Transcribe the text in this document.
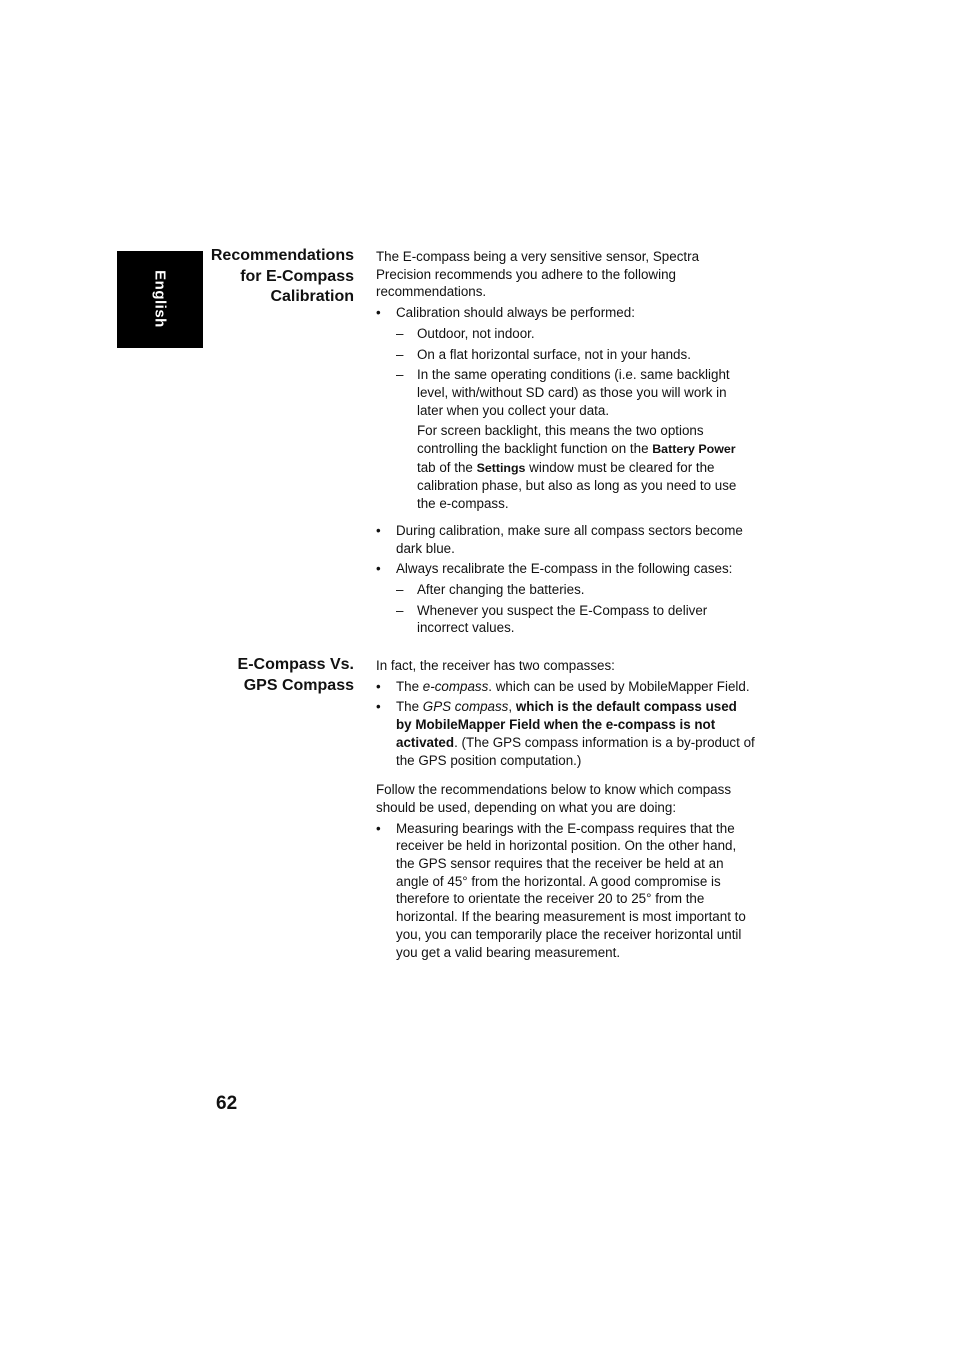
English
Recommendations
for E-Compass
Calibration

The E-compass being a very sensitive sensor, Spectra Precision recommends you adhere to the following recommendations.

• Calibration should always be performed:
– Outdoor, not indoor.
– On a flat horizontal surface, not in your hands.
– In the same operating conditions (i.e. same backlight level, with/without SD card) as those you will work in later when you collect your data.
For screen backlight, this means the two options controlling the backlight function on the Battery Power tab of the Settings window must be cleared for the calibration phase, but also as long as you need to use the e-compass.
• During calibration, make sure all compass sectors become dark blue.
• Always recalibrate the E-compass in the following cases:
– After changing the batteries.
– Whenever you suspect the E-Compass to deliver incorrect values.
E-Compass Vs.
GPS Compass

In fact, the receiver has two compasses:

• The e-compass. which can be used by MobileMapper Field.
• The GPS compass, which is the default compass used by MobileMapper Field when the e-compass is not activated. (The GPS compass information is a by-product of the GPS position computation.)

Follow the recommendations below to know which compass should be used, depending on what you are doing:

• Measuring bearings with the E-compass requires that the receiver be held in horizontal position. On the other hand, the GPS sensor requires that the receiver be held at an angle of 45° from the horizontal. A good compromise is therefore to orientate the receiver 20 to 25° from the horizontal. If the bearing measurement is most important to you, you can temporarily place the receiver horizontal until you get a valid bearing measurement.
62
